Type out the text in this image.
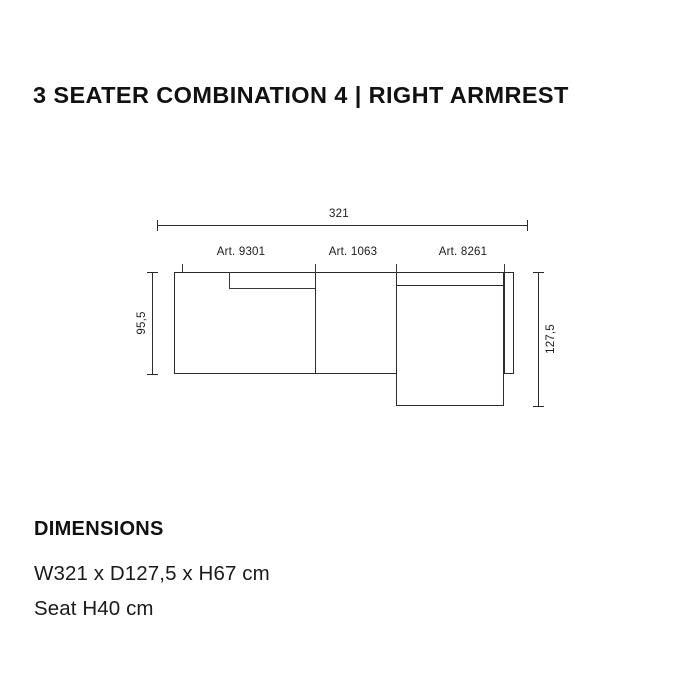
3 SEATER COMBINATION 4 | RIGHT ARMREST
321
Art. 9301	Art. 1063	Art. 8261
95,5
127,5
DIMENSIONS
W321 x D127,5 x H67 cm
Seat H40 cm
